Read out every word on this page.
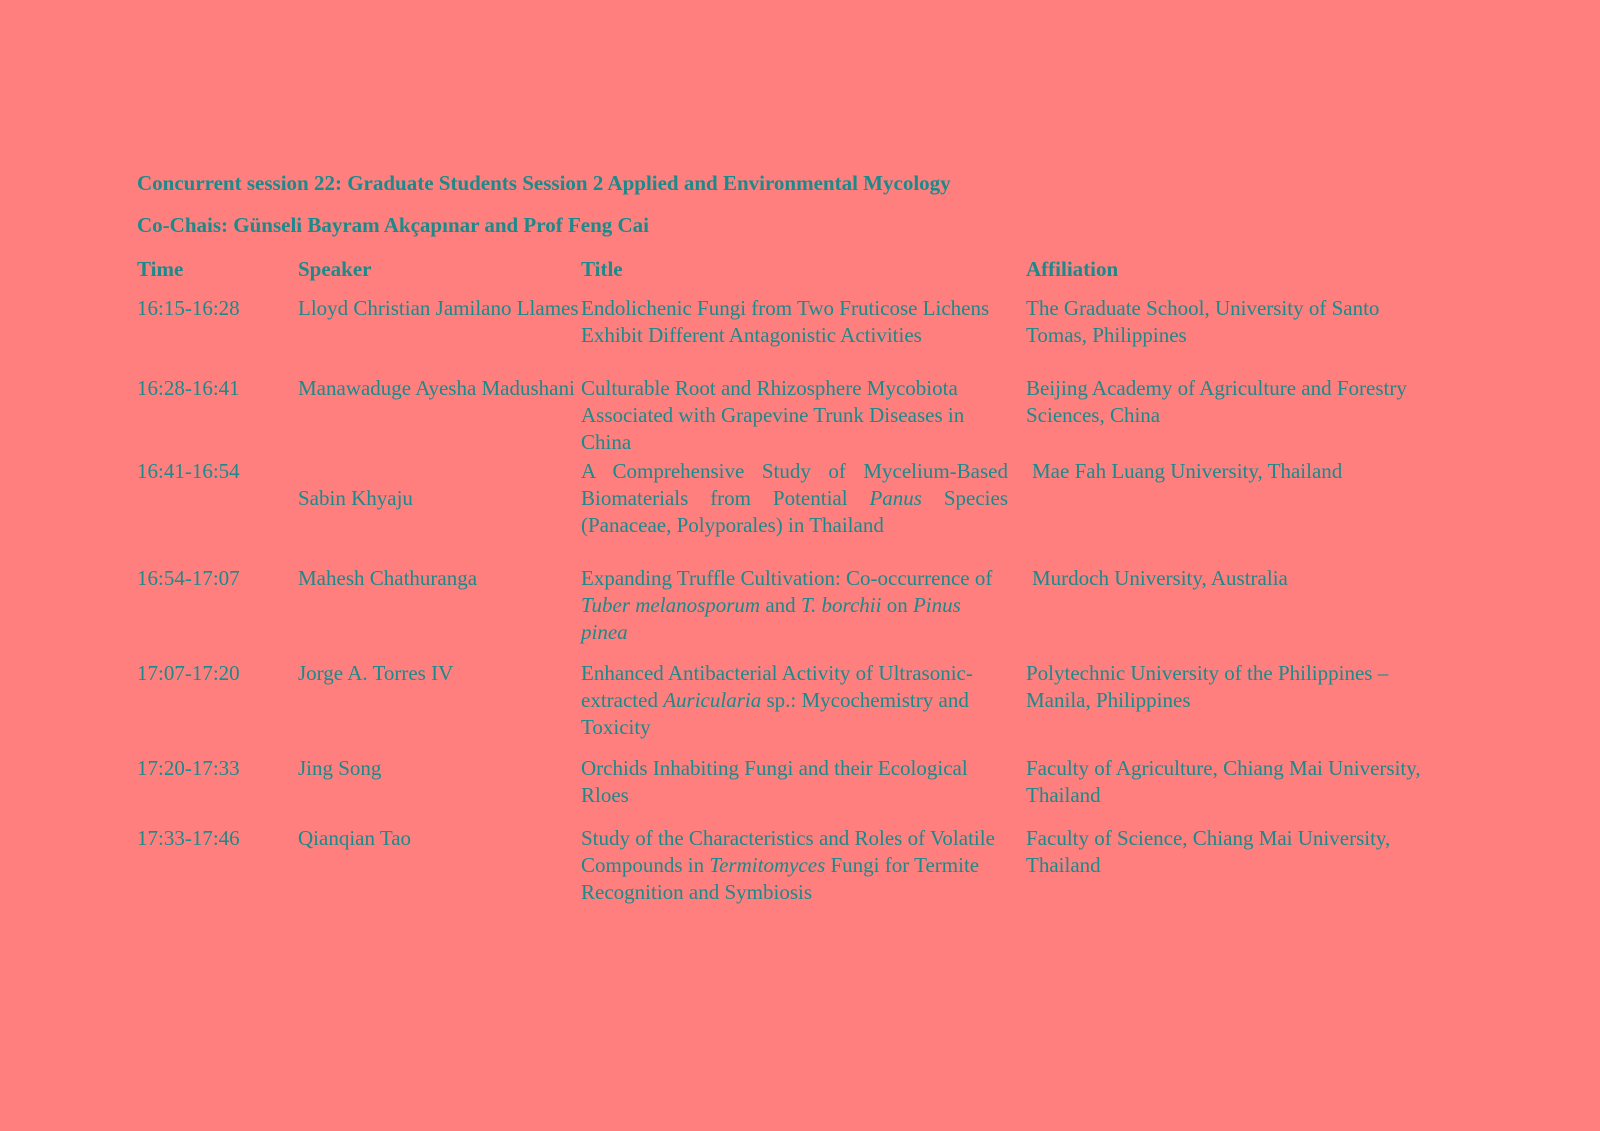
Concurrent session 22: Graduate Students Session 2 Applied and Environmental Mycology

Co-Chais: Günseli Bayram Akçapınar and Prof Feng Cai

Time	Speaker	Title	Affiliation
16:15-16:28	Lloyd Christian Jamilano Llames	Endolichenic Fungi from Two Fruticose Lichens Exhibit Different Antagonistic Activities	The Graduate School, University of Santo Tomas, Philippines
16:28-16:41	Manawaduge Ayesha Madushani	Culturable Root and Rhizosphere Mycobiota Associated with Grapevine Trunk Diseases in China	Beijing Academy of Agriculture and Forestry Sciences, China
16:41-16:54	Sabin Khyaju	A Comprehensive Study of Mycelium-Based Biomaterials from Potential Panus Species (Panaceae, Polyporales) in Thailand	Mae Fah Luang University, Thailand
16:54-17:07	Mahesh Chathuranga	Expanding Truffle Cultivation: Co-occurrence of Tuber melanosporum and T. borchii on Pinus pinea	Murdoch University, Australia
17:07-17:20	Jorge A. Torres IV	Enhanced Antibacterial Activity of Ultrasonic-extracted Auricularia sp.: Mycochemistry and Toxicity	Polytechnic University of the Philippines – Manila, Philippines
17:20-17:33	Jing Song	Orchids Inhabiting Fungi and their Ecological Rloes	Faculty of Agriculture, Chiang Mai University, Thailand
17:33-17:46	Qianqian Tao	Study of the Characteristics and Roles of Volatile Compounds in Termitomyces Fungi for Termite Recognition and Symbiosis	Faculty of Science, Chiang Mai University, Thailand
